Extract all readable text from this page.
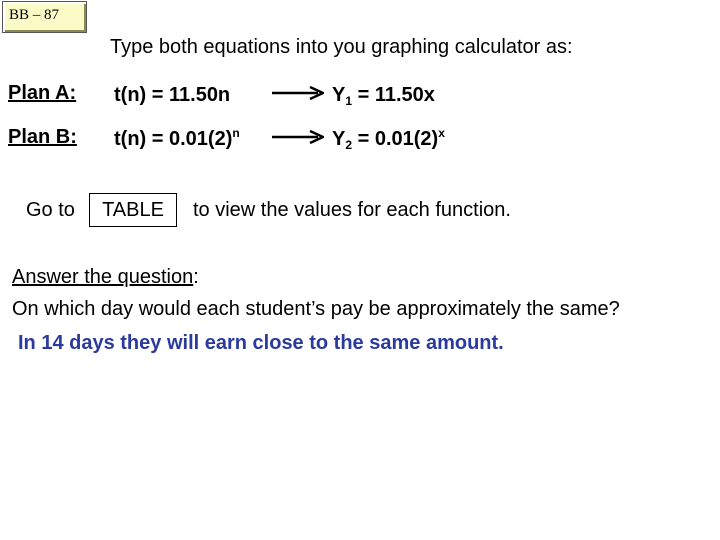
BB – 87
Type both equations into you graphing calculator as:
Plan A: t(n) = 11.50n	$Y_1 = 11.50x$
Plan B: $t(n) = 0.01(2)^n$	$Y_2 = 0.01(2)^x$
Go to	TABLE	to view the values for each function.
Answer the question:
On which day would each student’s pay be approximately the same?
In 14 days they will earn close to the same amount.
